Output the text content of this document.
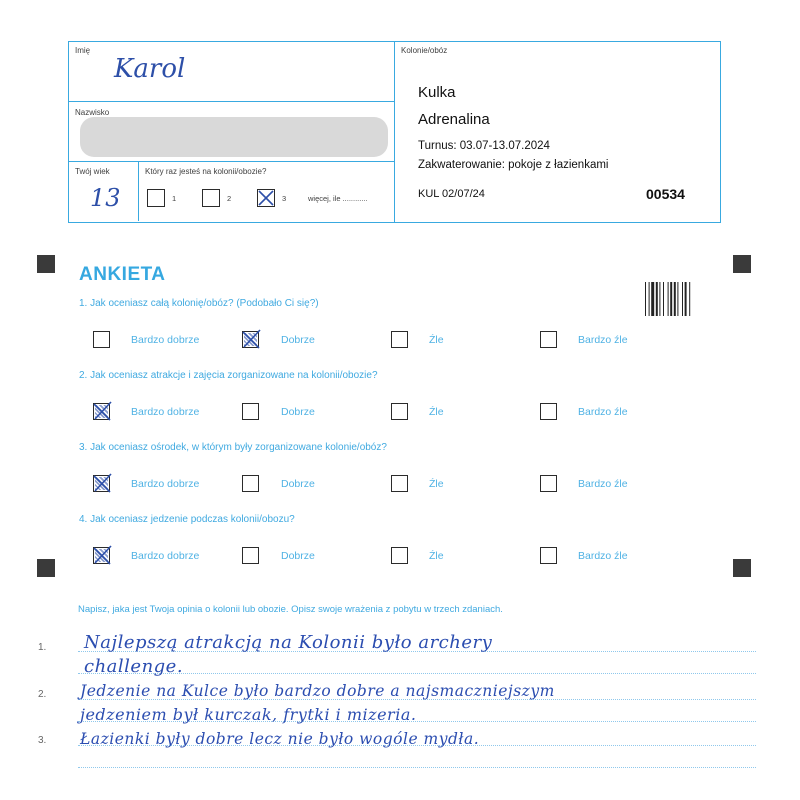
Imię
Karol
Nazwisko
Twój wiek
13
Który raz jesteś na kolonii/obozie?
1	2	3	więcej, ile ............
Kolonie/obóz
Kulka
Adrenalina
Turnus: 03.07-13.07.2024
Zakwaterowanie: pokoje z łazienkami
KUL 02/07/24	00534
ANKIETA
1. Jak oceniasz całą kolonię/obóz? (Podobało Ci się?)
Bardzo dobrze	Dobrze	Źle	Bardzo źle
2. Jak oceniasz atrakcje i zajęcia zorganizowane na kolonii/obozie?
Bardzo dobrze	Dobrze	Źle	Bardzo źle
3. Jak oceniasz ośrodek, w którym były zorganizowane kolonie/obóz?
Bardzo dobrze	Dobrze	Źle	Bardzo źle
4. Jak oceniasz jedzenie podczas kolonii/obozu?
Bardzo dobrze	Dobrze	Źle	Bardzo źle
Napisz, jaka jest Twoja opinia o kolonii lub obozie. Opisz swoje wrażenia z pobytu w trzech zdaniach.
1.
2.
3.
Najlepszą atrakcją na Kolonii było archery
challenge.
Jedzenie na Kulce było bardzo dobre a najsmaczniejszym
jedzeniem był kurczak, frytki i mizeria.
Łazienki były dobre lecz nie było wogóle mydła.
